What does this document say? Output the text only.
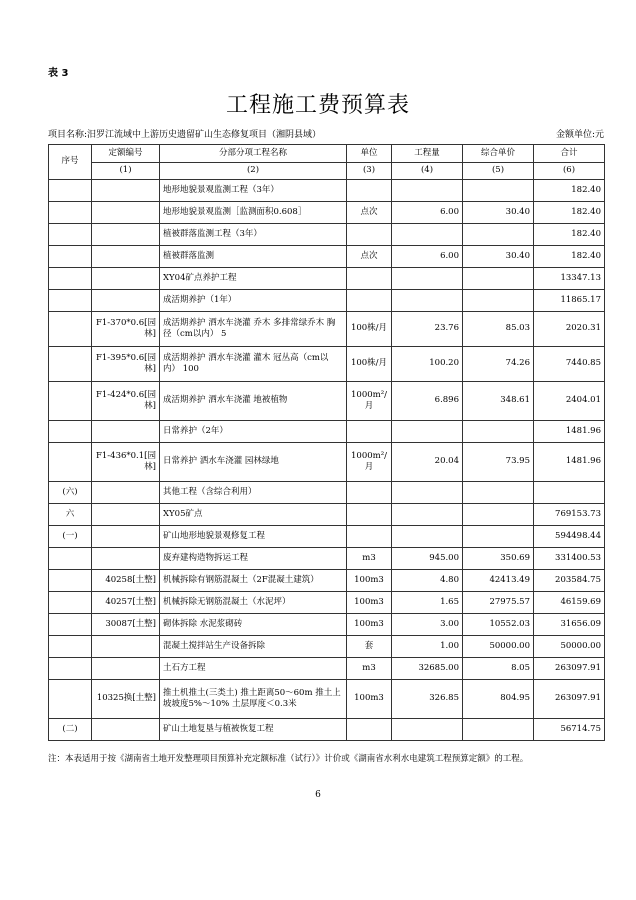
表 3
工程施工费预算表
项目名称:汨罗江流域中上游历史遗留矿山生态修复项目（湘阴县域）	金额单位:元
序号	定额编号	分部分项工程名称	单位	工程量	综合单价	合计
	(1)	(2)	(3)	(4)	(5)	(6)
		地形地貌景观监测工程（3年）				182.40
		地形地貌景观监测［监测面积0.608］	点次	6.00	30.40	182.40
		植被群落监测工程（3年）				182.40
		植被群落监测	点次	6.00	30.40	182.40
		XY04矿点养护工程				13347.13
		成活期养护（1年）				11865.17
	F1-370*0.6[园林]	成活期养护 洒水车浇灌 乔木 多排常绿乔木 胸径（cm以内） 5	100株/月	23.76	85.03	2020.31
	F1-395*0.6[园林]	成活期养护 洒水车浇灌 灌木 冠丛高（cm以内） 100	100株/月	100.20	74.26	7440.85
	F1-424*0.6[园林]	成活期养护 洒水车浇灌 地被植物	1000m²/月	6.896	348.61	2404.01
		日常养护（2年）				1481.96
	F1-436*0.1[园林]	日常养护 洒水车浇灌 园林绿地	1000m²/月	20.04	73.95	1481.96
(六)		其他工程（含综合利用）				
六		XY05矿点				769153.73
(一)		矿山地形地貌景观修复工程				594498.44
		废弃建构造物拆运工程	m3	945.00	350.69	331400.53
	40258[土整]	机械拆除有钢筋混凝土（2F混凝土建筑）	100m3	4.80	42413.49	203584.75
	40257[土整]	机械拆除无钢筋混凝土（水泥坪）	100m3	1.65	27975.57	46159.69
	30087[土整]	砌体拆除 水泥浆砌砖	100m3	3.00	10552.03	31656.09
		混凝土搅拌站生产设备拆除	套	1.00	50000.00	50000.00
		土石方工程	m3	32685.00	8.05	263097.91
	10325换[土整]	推土机推土(三类土) 推土距离50～60m 推土上坡坡度5%～10% 土层厚度＜0.3米	100m3	326.85	804.95	263097.91
(二)		矿山土地复垦与植被恢复工程				56714.75
注：本表适用于按《湖南省土地开发整理项目预算补充定额标准（试行）》计价或《湖南省水利水电建筑工程预算定额》的工程。
6
